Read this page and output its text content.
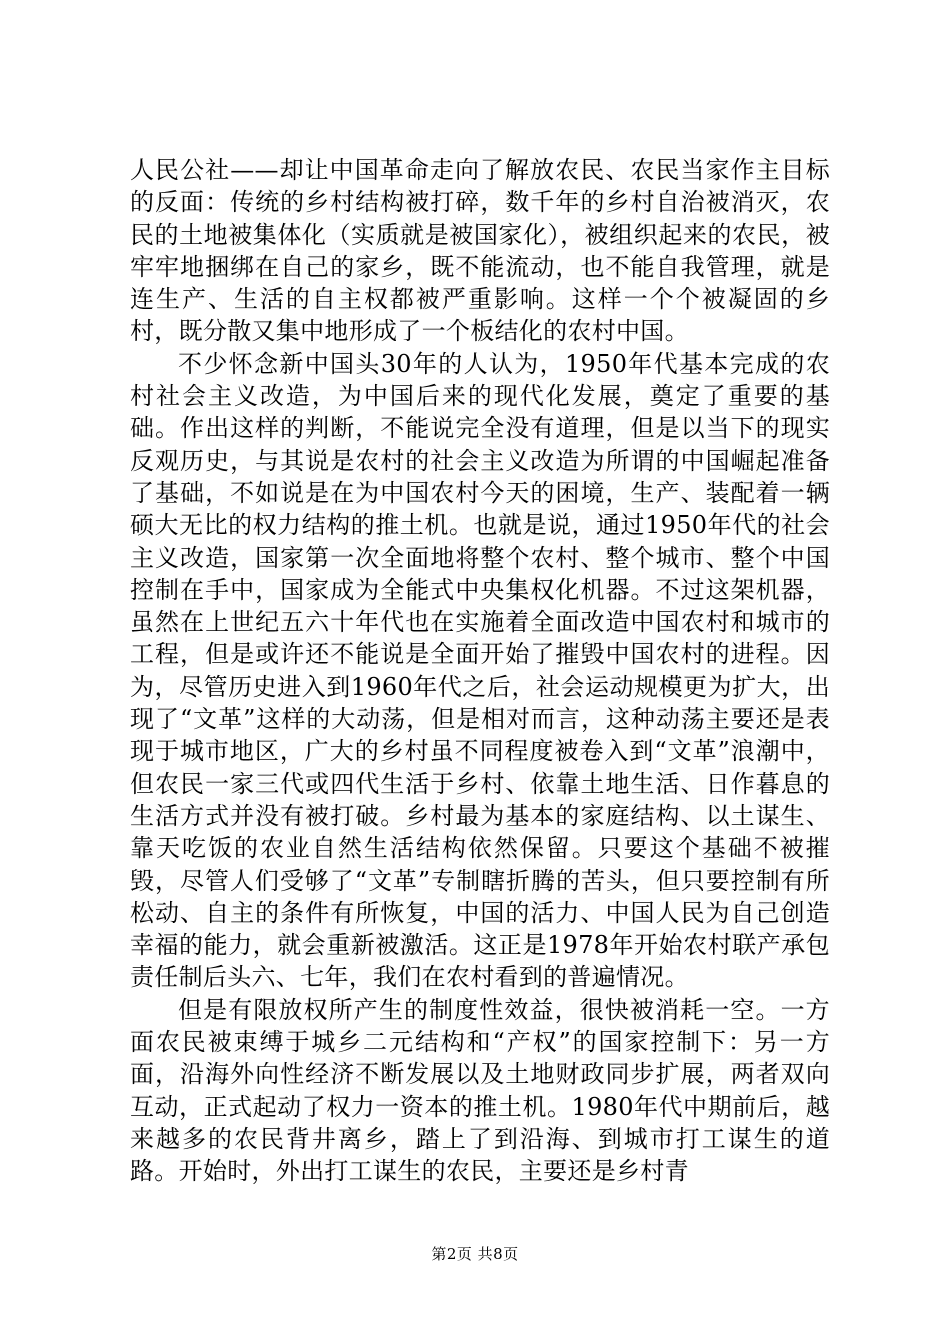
人民公社——却让中国革命走向了解放农民、农民当家作主目标的反面：传统的乡村结构被打碎，数千年的乡村自治被消灭，农民的土地被集体化（实质就是被国家化），被组织起来的农民，被牢牢地捆绑在自己的家乡，既不能流动，也不能自我管理，就是连生产、生活的自主权都被严重影响。这样一个个被凝固的乡村，既分散又集中地形成了一个板结化的农村中国。

不少怀念新中国头30年的人认为，1950年代基本完成的农村社会主义改造，为中国后来的现代化发展，奠定了重要的基础。作出这样的判断，不能说完全没有道理，但是以当下的现实反观历史，与其说是农村的社会主义改造为所谓的中国崛起准备了基础，不如说是在为中国农村今天的困境，生产、装配着一辆硕大无比的权力结构的推土机。也就是说，通过1950年代的社会主义改造，国家第一次全面地将整个农村、整个城市、整个中国控制在手中，国家成为全能式中央集权化机器。不过这架机器，虽然在上世纪五六十年代也在实施着全面改造中国农村和城市的工程，但是或许还不能说是全面开始了摧毁中国农村的进程。因为，尽管历史进入到1960年代之后，社会运动规模更为扩大，出现了“文革”这样的大动荡，但是相对而言，这种动荡主要还是表现于城市地区，广大的乡村虽不同程度被卷入到“文革”浪潮中，但农民一家三代或四代生活于乡村、依靠土地生活、日作暮息的生活方式并没有被打破。乡村最为基本的家庭结构、以土谋生、靠天吃饭的农业自然生活结构依然保留。只要这个基础不被摧毁，尽管人们受够了“文革”专制瞎折腾的苦头，但只要控制有所松动、自主的条件有所恢复，中国的活力、中国人民为自己创造幸福的能力，就会重新被激活。这正是1978年开始农村联产承包责任制后头六、七年，我们在农村看到的普遍情况。

但是有限放权所产生的制度性效益，很快被消耗一空。一方面农民被束缚于城乡二元结构和“产权”的国家控制下：另一方面，沿海外向性经济不断发展以及土地财政同步扩展，两者双向互动，正式起动了权力一资本的推土机。1980年代中期前后，越来越多的农民背井离乡，踏上了到沿海、到城市打工谋生的道路。开始时，外出打工谋生的农民，主要还是乡村青

第2页 共8页
